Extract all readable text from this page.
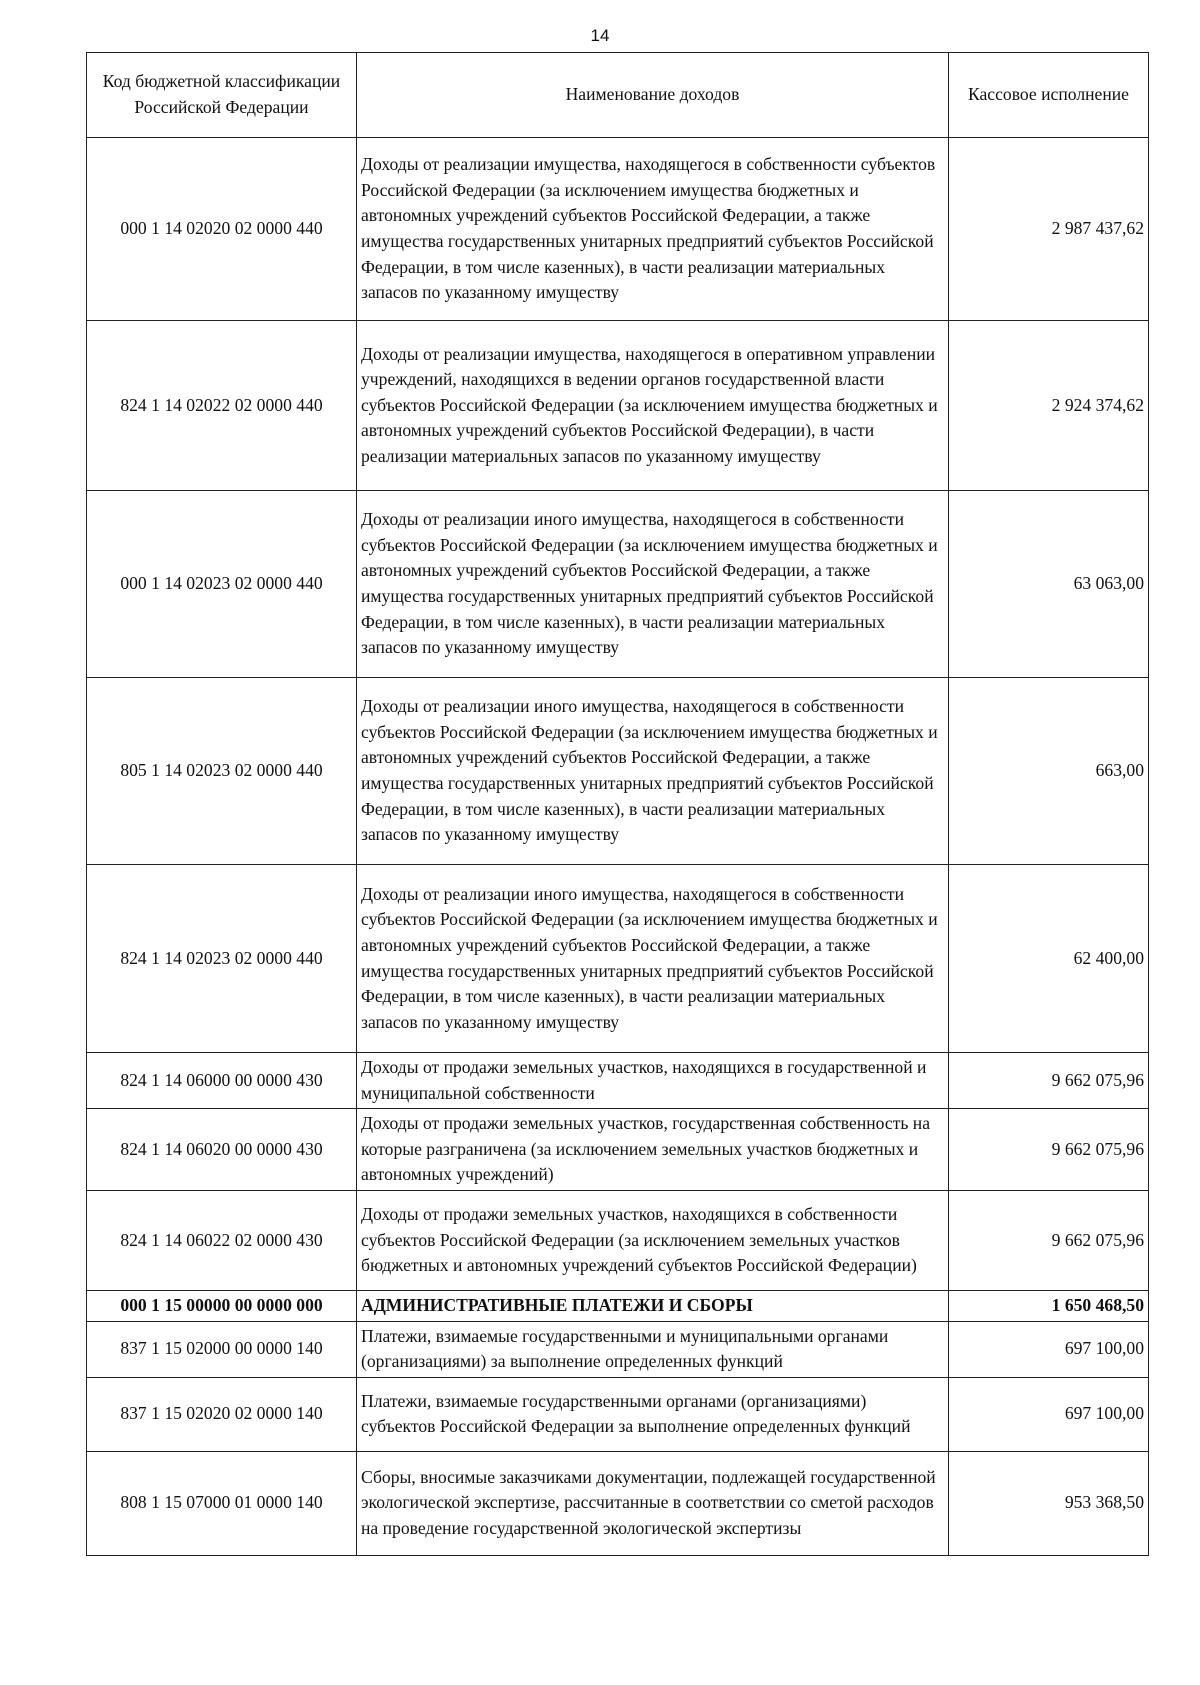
14
Код бюджетной классификации Российской Федерации	Наименование доходов	Кассовое исполнение
000 1 14 02020 02 0000 440	Доходы от реализации имущества, находящегося в собственности субъектов Российской Федерации (за исключением имущества бюджетных и автономных учреждений субъектов Российской Федерации, а также имущества государственных унитарных предприятий субъектов Российской Федерации, в том числе казенных), в части реализации материальных запасов по указанному имуществу	2 987 437,62
824 1 14 02022 02 0000 440	Доходы от реализации имущества, находящегося в оперативном управлении учреждений, находящихся в ведении органов государственной власти субъектов Российской Федерации (за исключением имущества бюджетных и автономных учреждений субъектов Российской Федерации), в части реализации материальных запасов по указанному имуществу	2 924 374,62
000 1 14 02023 02 0000 440	Доходы от реализации иного имущества, находящегося в собственности субъектов Российской Федерации (за исключением имущества бюджетных и автономных учреждений субъектов Российской Федерации, а также имущества государственных унитарных предприятий субъектов Российской Федерации, в том числе казенных), в части реализации материальных запасов по указанному имуществу	63 063,00
805 1 14 02023 02 0000 440	Доходы от реализации иного имущества, находящегося в собственности субъектов Российской Федерации (за исключением имущества бюджетных и автономных учреждений субъектов Российской Федерации, а также имущества государственных унитарных предприятий субъектов Российской Федерации, в том числе казенных), в части реализации материальных запасов по указанному имуществу	663,00
824 1 14 02023 02 0000 440	Доходы от реализации иного имущества, находящегося в собственности субъектов Российской Федерации (за исключением имущества бюджетных и автономных учреждений субъектов Российской Федерации, а также имущества государственных унитарных предприятий субъектов Российской Федерации, в том числе казенных), в части реализации материальных запасов по указанному имуществу	62 400,00
824 1 14 06000 00 0000 430	Доходы от продажи земельных участков, находящихся в государственной и муниципальной собственности	9 662 075,96
824 1 14 06020 00 0000 430	Доходы от продажи земельных участков, государственная собственность на которые разграничена (за исключением земельных участков бюджетных и автономных учреждений)	9 662 075,96
824 1 14 06022 02 0000 430	Доходы от продажи земельных участков, находящихся в собственности субъектов Российской Федерации (за исключением земельных участков бюджетных и автономных учреждений субъектов Российской Федерации)	9 662 075,96
000 1 15 00000 00 0000 000	АДМИНИСТРАТИВНЫЕ ПЛАТЕЖИ И СБОРЫ	1 650 468,50
837 1 15 02000 00 0000 140	Платежи, взимаемые государственными и муниципальными органами (организациями) за выполнение определенных функций	697 100,00
837 1 15 02020 02 0000 140	Платежи, взимаемые государственными органами (организациями) субъектов Российской Федерации за выполнение определенных функций	697 100,00
808 1 15 07000 01 0000 140	Сборы, вносимые заказчиками документации, подлежащей государственной экологической экспертизе, рассчитанные в соответствии со сметой расходов на проведение государственной экологической экспертизы	953 368,50
